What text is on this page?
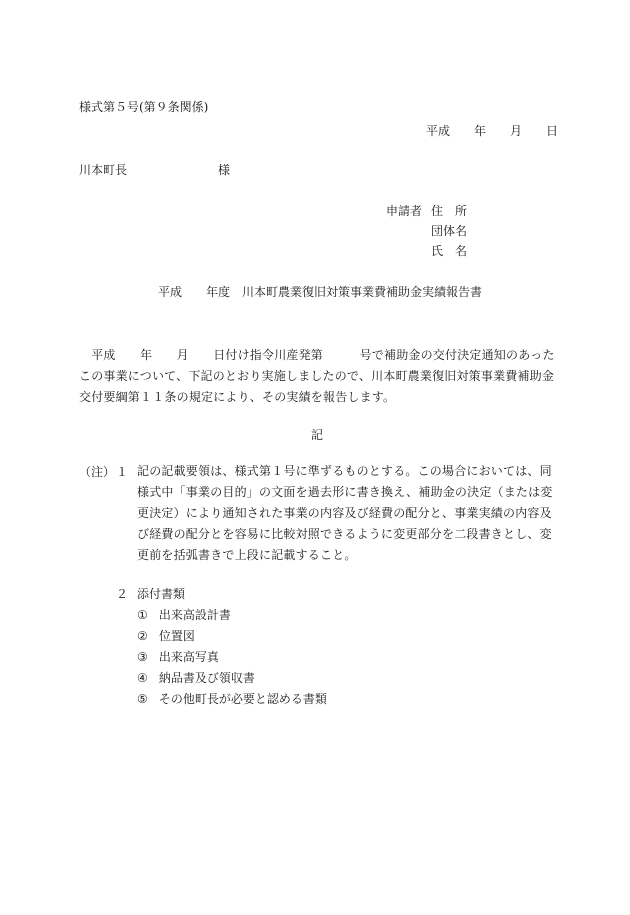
様式第５号(第９条関係)
平成　　年　　月　　日
川本町長	様
申請者 住　所
団体名
氏　名
平成　　年度　川本町農業復旧対策事業費補助金実績報告書
　平成　　年　　月　　日付け指令川産発第　　　号で補助金の交付決定通知のあったこの事業について、下記のとおり実施しましたので、川本町農業復旧対策事業費補助金交付要綱第１１条の規定により、その実績を報告します。
記
（注） １ 記の記載要領は、様式第１号に準ずるものとする。この場合においては、同様式中「事業の目的」の文面を過去形に書き換え、補助金の決定（または変更決定）により通知された事業の内容及び経費の配分と、事業実績の内容及び経費の配分とを容易に比較対照できるように変更部分を二段書きとし、変更前を括弧書きで上段に記載すること。
２ 添付書類
① 出来高設計書
② 位置図
③ 出来高写真
④ 納品書及び領収書
⑤ その他町長が必要と認める書類
